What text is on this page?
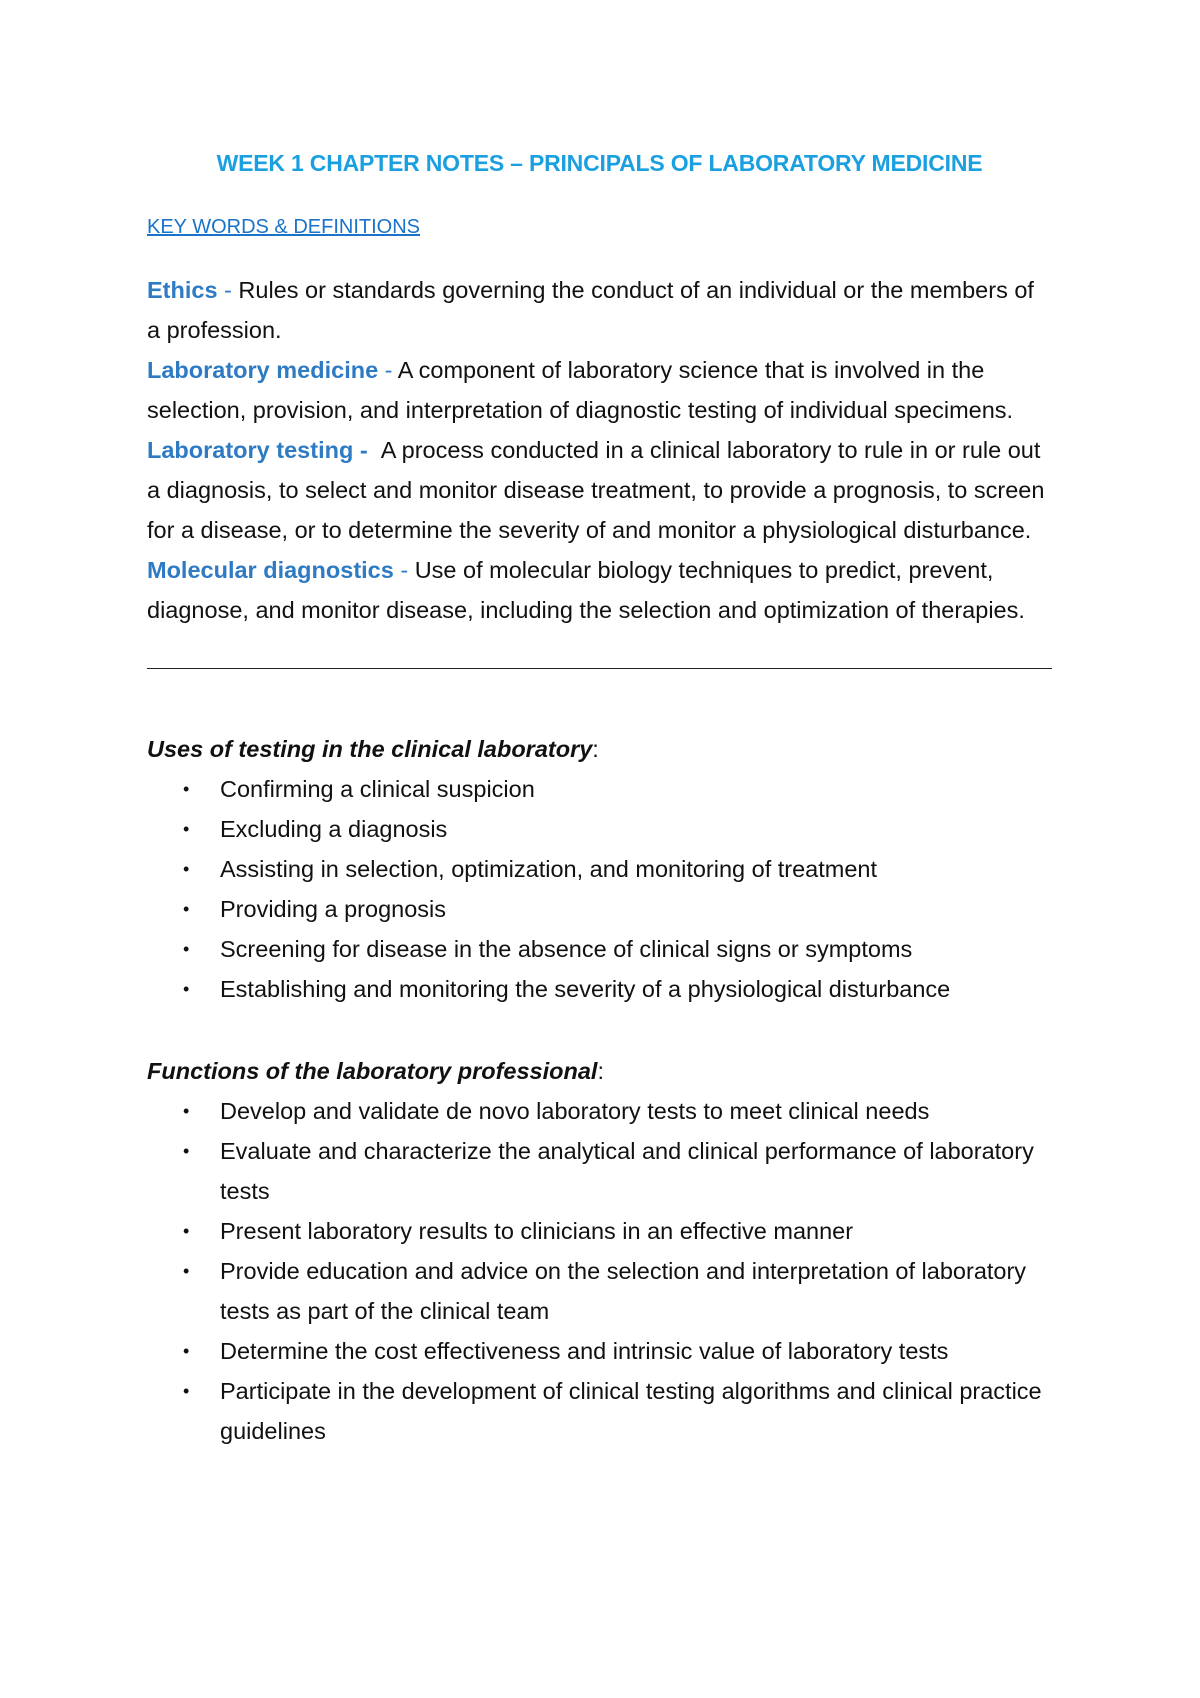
WEEK 1 CHAPTER NOTES – PRINCIPALS OF LABORATORY MEDICINE
KEY WORDS & DEFINITIONS

Ethics - Rules or standards governing the conduct of an individual or the members of a profession.

Laboratory medicine - A component of laboratory science that is involved in the selection, provision, and interpretation of diagnostic testing of individual specimens.

Laboratory testing -  A process conducted in a clinical laboratory to rule in or rule out a diagnosis, to select and monitor disease treatment, to provide a prognosis, to screen for a disease, or to determine the severity of and monitor a physiological disturbance.

Molecular diagnostics - Use of molecular biology techniques to predict, prevent, diagnose, and monitor disease, including the selection and optimization of therapies.

Uses of testing in the clinical laboratory:

• Confirming a clinical suspicion
• Excluding a diagnosis
• Assisting in selection, optimization, and monitoring of treatment
• Providing a prognosis
• Screening for disease in the absence of clinical signs or symptoms
• Establishing and monitoring the severity of a physiological disturbance

Functions of the laboratory professional:

• Develop and validate de novo laboratory tests to meet clinical needs
• Evaluate and characterize the analytical and clinical performance of laboratory tests
• Present laboratory results to clinicians in an effective manner
• Provide education and advice on the selection and interpretation of laboratory tests as part of the clinical team
• Determine the cost effectiveness and intrinsic value of laboratory tests
• Participate in the development of clinical testing algorithms and clinical practice guidelines
